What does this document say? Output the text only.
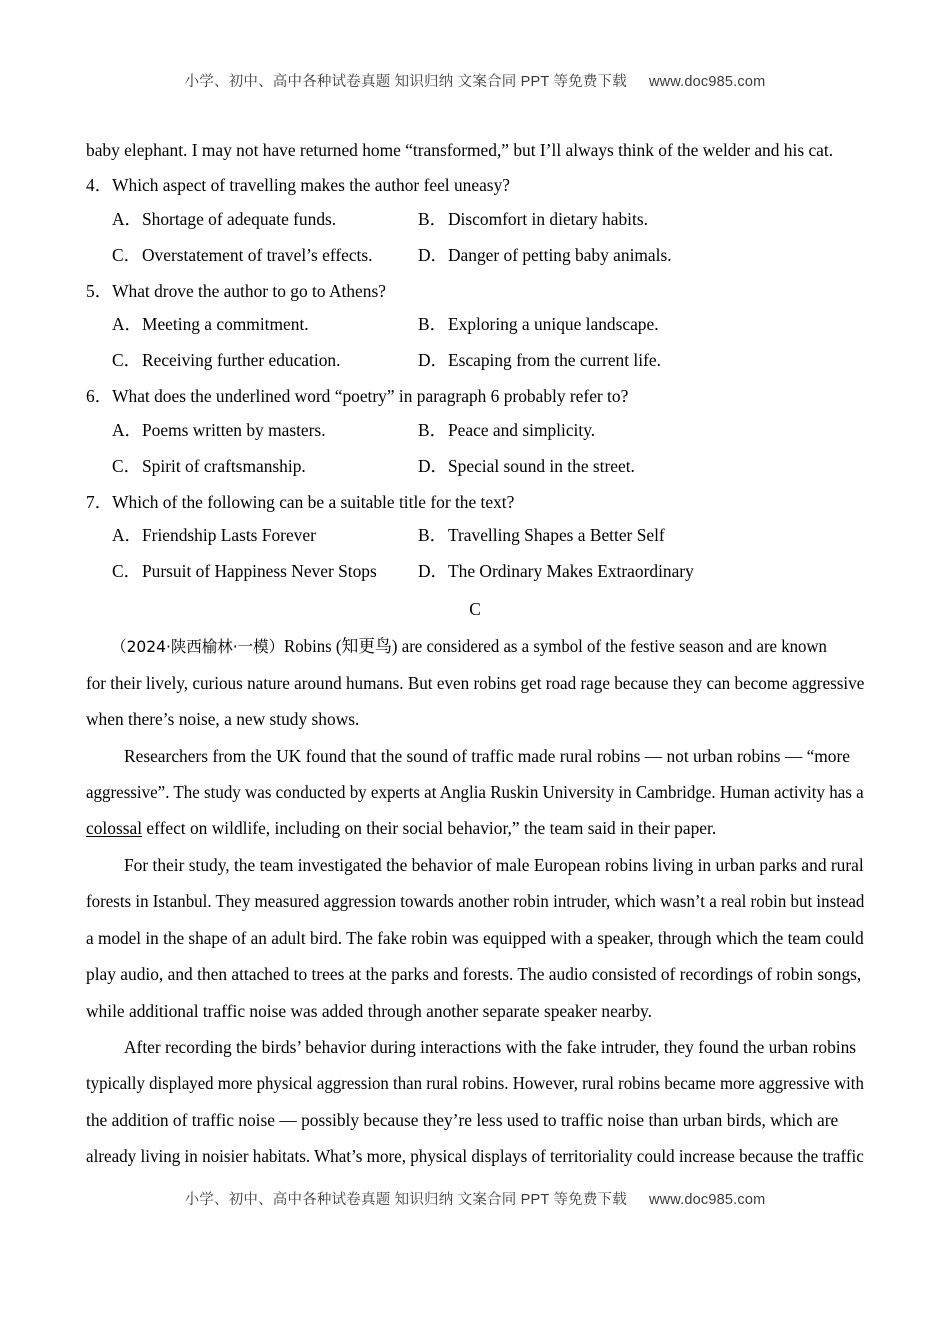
小学、初中、高中各种试卷真题 知识归纳 文案合同 PPT 等免费下载 www.doc985.com
baby elephant. I may not have returned home “transformed,” but I’ll always think of the welder and his cat.
4．Which aspect of travelling makes the author feel uneasy?
A．Shortage of adequate funds.	B．Discomfort in dietary habits.
C．Overstatement of travel’s effects.	D．Danger of petting baby animals.
5．What drove the author to go to Athens?
A．Meeting a commitment.	B．Exploring a unique landscape.
C．Receiving further education.	D．Escaping from the current life.
6．What does the underlined word “poetry” in paragraph 6 probably refer to?
A．Poems written by masters.	B．Peace and simplicity.
C．Spirit of craftsmanship.	D．Special sound in the street.
7．Which of the following can be a suitable title for the text?
A．Friendship Lasts Forever	B．Travelling Shapes a Better Self
C．Pursuit of Happiness Never Stops D．The Ordinary Makes Extraordinary
C
（2024·陕西榆林·一模）Robins (知更鸟) are considered as a symbol of the festive season and are known for their lively, curious nature around humans. But even robins get road rage because they can become aggressive
when there’s noise, a new study shows.
Researchers from the UK found that the sound of traffic made rural robins — not urban robins — “more
aggressive”. The study was conducted by experts at Anglia Ruskin University in Cambridge. Human activity has a
colossal effect on wildlife, including on their social behavior,” the team said in their paper.
For their study, the team investigated the behavior of male European robins living in urban parks and rural
forests in Istanbul. They measured aggression towards another robin intruder, which wasn’t a real robin but instead a model in the shape of an adult bird. The fake robin was equipped with a speaker, through which the team could
play audio, and then attached to trees at the parks and forests. The audio consisted of recordings of robin songs,
while additional traffic noise was added through another separate speaker nearby.
After recording the birds’ behavior during interactions with the fake intruder, they found the urban robins
typically displayed more physical aggression than rural robins. However, rural robins became more aggressive with
the addition of traffic noise — possibly because they’re less used to traffic noise than urban birds, which are
already living in noisier habitats. What’s more, physical displays of territoriality could increase because the traffic
小学、初中、高中各种试卷真题 知识归纳 文案合同 PPT 等免费下载 www.doc985.com
